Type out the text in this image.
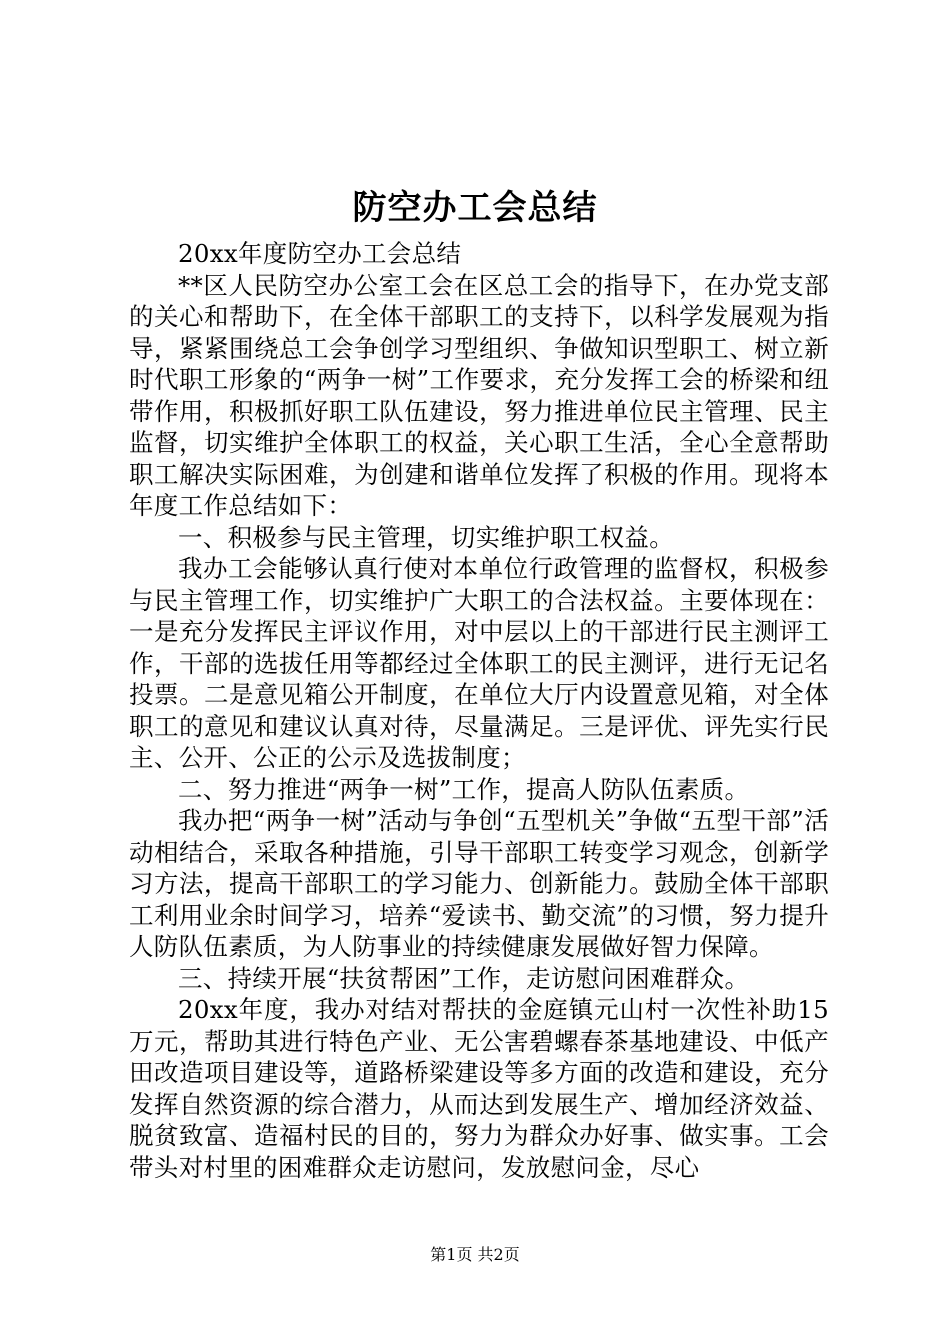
防空办工会总结

20xx年度防空办工会总结

**区人民防空办公室工会在区总工会的指导下，在办党支部的关心和帮助下，在全体干部职工的支持下，以科学发展观为指导，紧紧围绕总工会争创学习型组织、争做知识型职工、树立新时代职工形象的“两争一树”工作要求，充分发挥工会的桥梁和纽带作用，积极抓好职工队伍建设，努力推进单位民主管理、民主监督，切实维护全体职工的权益，关心职工生活，全心全意帮助职工解决实际困难，为创建和谐单位发挥了积极的作用。现将本年度工作总结如下：

一、积极参与民主管理，切实维护职工权益。

我办工会能够认真行使对本单位行政管理的监督权，积极参与民主管理工作，切实维护广大职工的合法权益。主要体现在：一是充分发挥民主评议作用，对中层以上的干部进行民主测评工作，干部的选拔任用等都经过全体职工的民主测评，进行无记名投票。二是意见箱公开制度，在单位大厅内设置意见箱，对全体职工的意见和建议认真对待，尽量满足。三是评优、评先实行民主、公开、公正的公示及选拔制度；

二、努力推进“两争一树”工作，提高人防队伍素质。

我办把“两争一树”活动与争创“五型机关”争做“五型干部”活动相结合，采取各种措施，引导干部职工转变学习观念，创新学习方法，提高干部职工的学习能力、创新能力。鼓励全体干部职工利用业余时间学习，培养“爱读书、勤交流”的习惯，努力提升人防队伍素质，为人防事业的持续健康发展做好智力保障。

三、持续开展“扶贫帮困”工作，走访慰问困难群众。

20xx年度，我办对结对帮扶的金庭镇元山村一次性补助15万元，帮助其进行特色产业、无公害碧螺春茶基地建设、中低产田改造项目建设等，道路桥梁建设等多方面的改造和建设，充分发挥自然资源的综合潜力，从而达到发展生产、增加经济效益、脱贫致富、造福村民的目的，努力为群众办好事、做实事。工会带头对村里的困难群众走访慰问，发放慰问金，尽心

第1页 共2页
